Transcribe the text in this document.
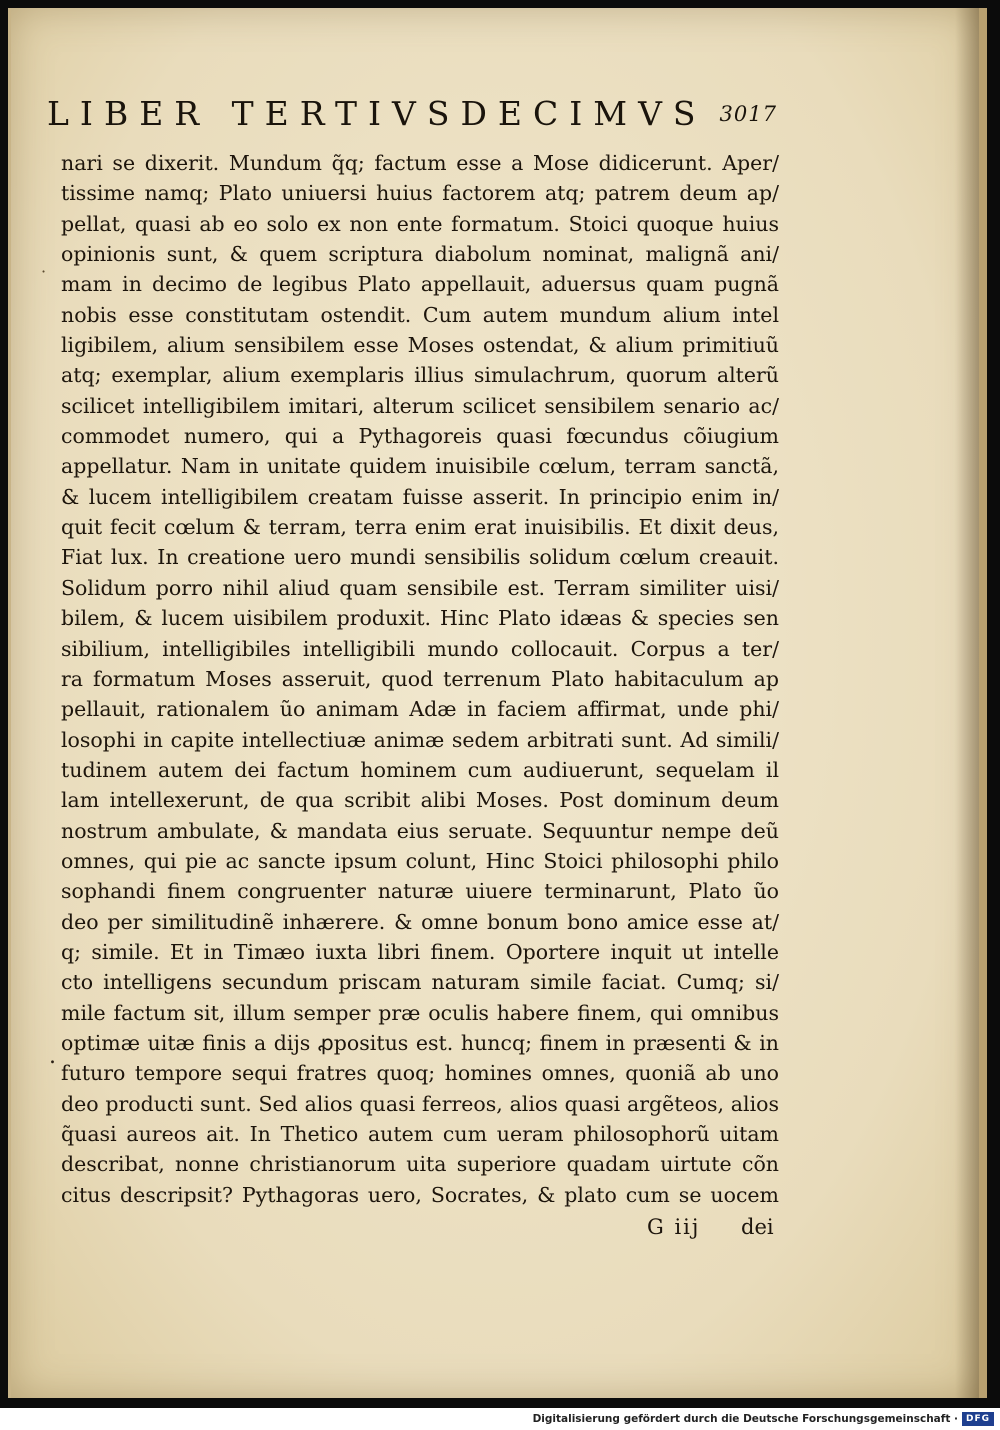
LIBER TERTIVSDECIMVS 3017
·
.
nari se dixerit. Mundum q̃q; factum esse a Mose didicerunt. Aper/
tissime namq; Plato uniuersi huius factorem atq; patrem deum ap/
pellat, quasi ab eo solo ex non ente formatum. Stoici quoque huius
opinionis sunt, & quem scriptura diabolum nominat, malignã ani/
mam in decimo de legibus Plato appellauit, aduersus quam pugnã
nobis esse constitutam ostendit. Cum autem mundum alium intel
ligibilem, alium sensibilem esse Moses ostendat, & alium primitiuũ
atq; exemplar, alium exemplaris illius simulachrum, quorum alterũ
scilicet intelligibilem imitari, alterum scilicet sensibilem senario ac/
commodet numero, qui a Pythagoreis quasi fœcundus cõiugium
appellatur. Nam in unitate quidem inuisibile cœlum, terram sanctã,
& lucem intelligibilem creatam fuisse asserit. In principio enim in/
quit fecit cœlum & terram, terra enim erat inuisibilis. Et dixit deus,
Fiat lux. In creatione uero mundi sensibilis solidum cœlum creauit.
Solidum porro nihil aliud quam sensibile est. Terram similiter uisi/
bilem, & lucem uisibilem produxit. Hinc Plato idæas & species sen
sibilium, intelligibiles intelligibili mundo collocauit. Corpus a ter/
ra formatum Moses asseruit, quod terrenum Plato habitaculum ap
pellauit, rationalem ũo animam Adæ in faciem affirmat, unde phi/
losophi in capite intellectiuæ animæ sedem arbitrati sunt. Ad simili/
tudinem autem dei factum hominem cum audiuerunt, sequelam il
lam intellexerunt, de qua scribit alibi Moses. Post dominum deum
nostrum ambulate, & mandata eius seruate. Sequuntur nempe deũ
omnes, qui pie ac sancte ipsum colunt, Hinc Stoici philosophi philo
sophandi finem congruenter naturæ uiuere terminarunt, Plato ũo
deo per similitudinẽ inhærere. & omne bonum bono amice esse at/
q; simile. Et in Timæo iuxta libri finem. Oportere inquit ut intelle
cto intelligens secundum priscam naturam simile faciat. Cumq; si/
mile factum sit, illum semper præ oculis habere finem, qui omnibus
optimæ uitæ finis a dijs ꝓpositus est. huncq; finem in præsenti & in
futuro tempore sequi fratres quoq; homines omnes, quoniã ab uno
deo producti sunt. Sed alios quasi ferreos, alios quasi argẽteos, alios
q̃uasi aureos ait. In Thetico autem cum ueram philosophorũ uitam
describat, nonne christianorum uita superiore quadam uirtute cõn
citus descripsit? Pythagoras uero, Socrates, & plato cum se uocem
G iij dei
Digitalisierung gefördert durch die Deutsche Forschungsgemeinschaft · DFG
